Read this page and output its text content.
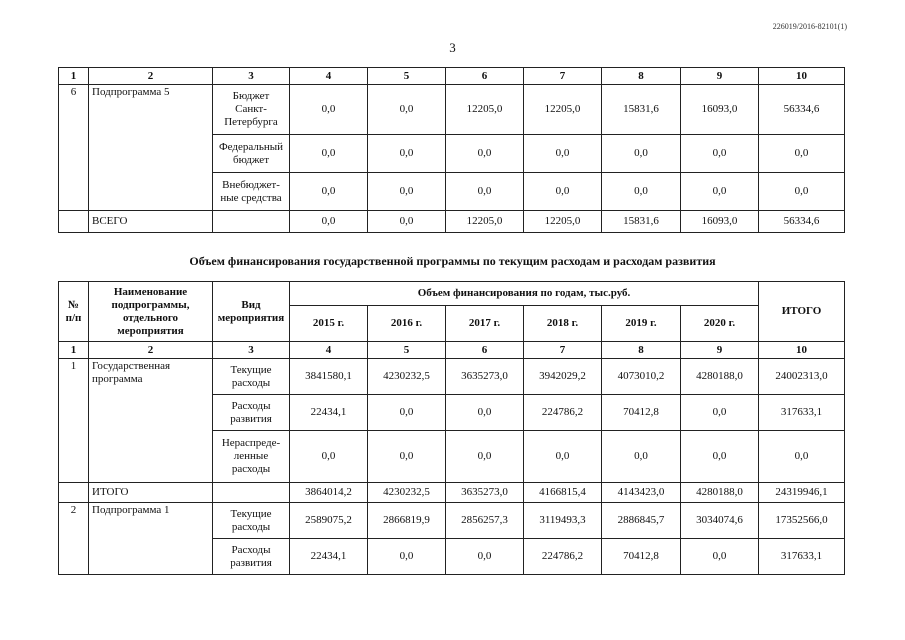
226019/2016-82101(1)
3
1	2	3	4	5	6	7	8	9	10
6	Подпрограмма 5	Бюджет Санкт-Петербурга	0,0	0,0	12205,0	12205,0	15831,6	16093,0	56334,6
		Федеральный бюджет	0,0	0,0	0,0	0,0	0,0	0,0	0,0
		Внебюджет-ные средства	0,0	0,0	0,0	0,0	0,0	0,0	0,0
	ВСЕГО		0,0	0,0	12205,0	12205,0	15831,6	16093,0	56334,6
Объем финансирования государственной программы по текущим расходам и расходам развития
№ п/п	Наименование подпрограммы, отдельного мероприятия	Вид мероприятия	Объем финансирования по годам, тыс.руб.						ИТОГО
			2015 г.	2016 г.	2017 г.	2018 г.	2019 г.	2020 г.	
1	2	3	4	5	6	7	8	9	10
1	Государственная программа	Текущие расходы	3841580,1	4230232,5	3635273,0	3942029,2	4073010,2	4280188,0	24002313,0
		Расходы развития	22434,1	0,0	0,0	224786,2	70412,8	0,0	317633,1
		Нераспреде-ленные расходы	0,0	0,0	0,0	0,0	0,0	0,0	0,0
	ИТОГО		3864014,2	4230232,5	3635273,0	4166815,4	4143423,0	4280188,0	24319946,1
2	Подпрограмма 1	Текущие расходы	2589075,2	2866819,9	2856257,3	3119493,3	2886845,7	3034074,6	17352566,0
		Расходы развития	22434,1	0,0	0,0	224786,2	70412,8	0,0	317633,1
